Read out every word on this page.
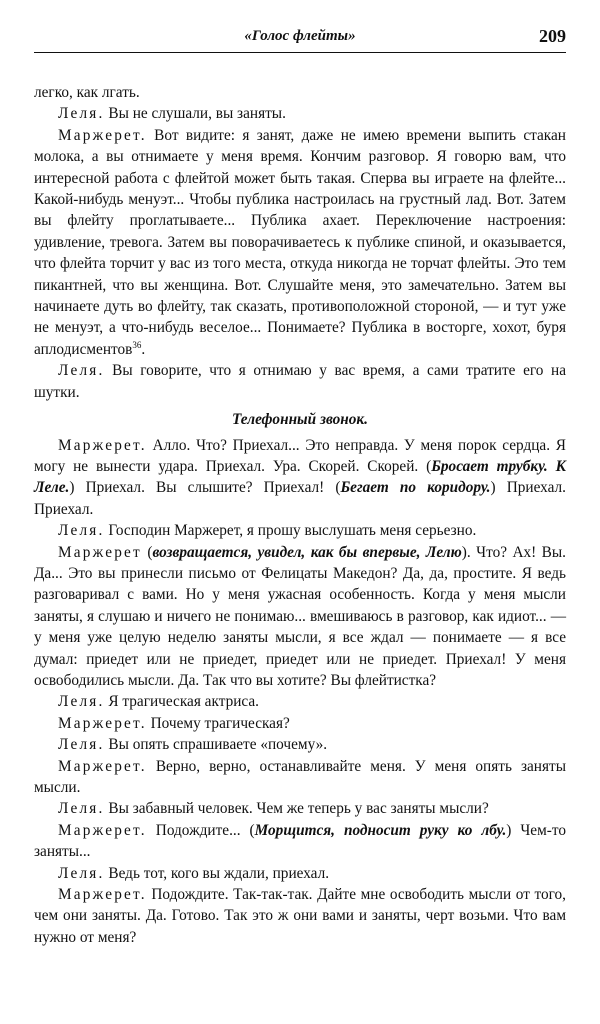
«Голос флейты»	209

легко, как лгать.

Леля. Вы не слушали, вы заняты.

Маржерет. Вот видите: я занят, даже не имею времени выпить стакан молока, а вы отнимаете у меня время. Кончим разговор. Я говорю вам, что интересной работа с флейтой может быть такая. Сперва вы играете на флейте... Какой-нибудь менуэт... Чтобы публика настроилась на грустный лад. Вот. Затем вы флейту проглатываете... Публика ахает. Переключение настроения: удивление, тревога. Затем вы поворачиваетесь к публике спиной, и оказывается, что флейта торчит у вас из того места, откуда никогда не торчат флейты. Это тем пикантней, что вы женщина. Вот. Слушайте меня, это замечательно. Затем вы начинаете дуть во флейту, так сказать, противоположной стороной, — и тут уже не менуэт, а что-нибудь веселое... Понимаете? Публика в восторге, хохот, буря аплодисментов$^{36}$.

Леля. Вы говорите, что я отнимаю у вас время, а сами тратите его на шутки.

Телефонный звонок.

Маржерет. Алло. Что? Приехал... Это неправда. У меня порок сердца. Я могу не вынести удара. Приехал. Ура. Скорей. Скорей. (Бросает трубку. К Леле.) Приехал. Вы слышите? Приехал! (Бегает по коридору.) Приехал. Приехал.

Леля. Господин Маржерет, я прошу выслушать меня серьезно.

Маржерет (возвращается, увидел, как бы впервые, Лелю). Что? Ах! Вы. Да... Это вы принесли письмо от Фелицаты Македон? Да, да, простите. Я ведь разговаривал с вами. Но у меня ужасная особенность. Когда у меня мысли заняты, я слушаю и ничего не понимаю... вмешиваюсь в разговор, как идиот... — у меня уже целую неделю заняты мысли, я все ждал — понимаете — я все думал: приедет или не приедет, приедет или не приедет. Приехал! У меня освободились мысли. Да. Так что вы хотите? Вы флейтистка?

Леля. Я трагическая актриса.

Маржерет. Почему трагическая?

Леля. Вы опять спрашиваете «почему».

Маржерет. Верно, верно, останавливайте меня. У меня опять заняты мысли.

Леля. Вы забавный человек. Чем же теперь у вас заняты мысли?

Маржерет. Подождите... (Морщится, подносит руку ко лбу.) Чем-то заняты...

Леля. Ведь тот, кого вы ждали, приехал.

Маржерет. Подождите. Так-так-так. Дайте мне освободить мысли от того, чем они заняты. Да. Готово. Так это ж они вами и заняты, черт возьми. Что вам нужно от меня?
